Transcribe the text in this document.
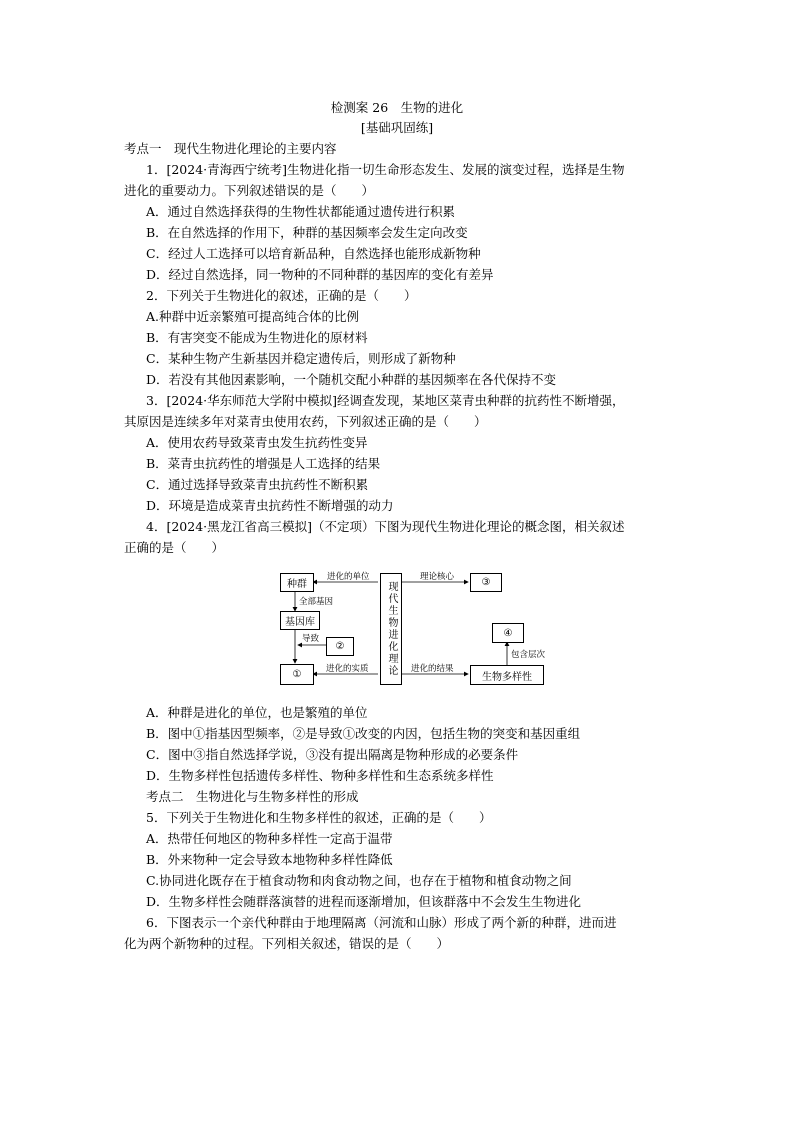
检测案 26　生物的进化
[基础巩固练]
考点一　现代生物进化理论的主要内容
1．[2024·青海西宁统考]生物进化指一切生命形态发生、发展的演变过程，选择是生物
进化的重要动力。下列叙述错误的是（　　）
A．通过自然选择获得的生物性状都能通过遗传进行积累
B．在自然选择的作用下，种群的基因频率会发生定向改变
C．经过人工选择可以培育新品种，自然选择也能形成新物种
D．经过自然选择，同一物种的不同种群的基因库的变化有差异
2．下列关于生物进化的叙述，正确的是（　　）
A.种群中近亲繁殖可提高纯合体的比例
B．有害突变不能成为生物进化的原材料
C．某种生物产生新基因并稳定遗传后，则形成了新物种
D．若没有其他因素影响，一个随机交配小种群的基因频率在各代保持不变
3．[2024·华东师范大学附中模拟]经调查发现，某地区菜青虫种群的抗药性不断增强，
其原因是连续多年对菜青虫使用农药，下列叙述正确的是（　　）
A．使用农药导致菜青虫发生抗药性变异
B．菜青虫抗药性的增强是人工选择的结果
C．通过选择导致菜青虫抗药性不断积累
D．环境是造成菜青虫抗药性不断增强的动力
4．[2024·黑龙江省高三模拟]（不定项）下图为现代生物进化理论的概念图，相关叙述
正确的是（　　）
种群
基因库
①
②	现代生物进化理论	③
④
生物多样性
进化的单位	理论核心
全部基因
导致
进化的实质	进化的结果
包含层次
A．种群是进化的单位，也是繁殖的单位
B．图中①指基因型频率，②是导致①改变的内因，包括生物的突变和基因重组
C．图中③指自然选择学说，③没有提出隔离是物种形成的必要条件
D．生物多样性包括遗传多样性、物种多样性和生态系统多样性
考点二　生物进化与生物多样性的形成
5．下列关于生物进化和生物多样性的叙述，正确的是（　　）
A．热带任何地区的物种多样性一定高于温带
B．外来物种一定会导致本地物种多样性降低
C.协同进化既存在于植食动物和肉食动物之间，也存在于植物和植食动物之间
D．生物多样性会随群落演替的进程而逐渐增加，但该群落中不会发生生物进化
6．下图表示一个亲代种群由于地理隔离（河流和山脉）形成了两个新的种群，进而进
化为两个新物种的过程。下列相关叙述，错误的是（　　）
